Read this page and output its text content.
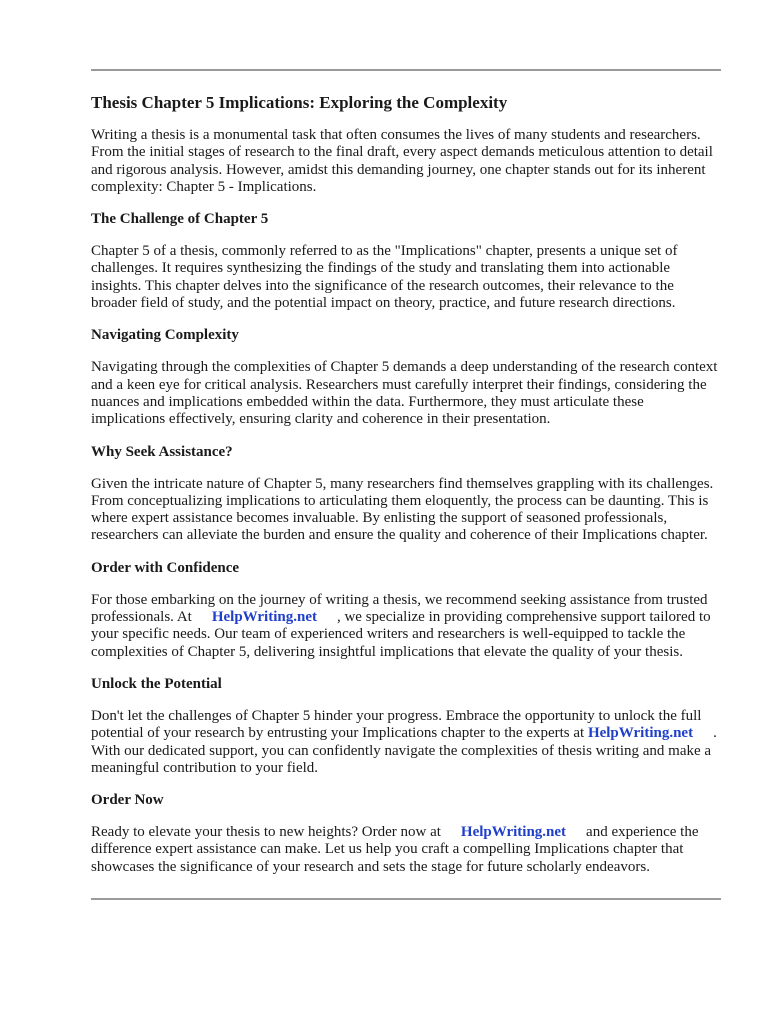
Thesis Chapter 5 Implications: Exploring the Complexity

Writing a thesis is a monumental task that often consumes the lives of many students and researchers. From the initial stages of research to the final draft, every aspect demands meticulous attention to detail and rigorous analysis. However, amidst this demanding journey, one chapter stands out for its inherent complexity: Chapter 5 - Implications.

The Challenge of Chapter 5

Chapter 5 of a thesis, commonly referred to as the "Implications" chapter, presents a unique set of challenges. It requires synthesizing the findings of the study and translating them into actionable insights. This chapter delves into the significance of the research outcomes, their relevance to the broader field of study, and the potential impact on theory, practice, and future research directions.

Navigating Complexity

Navigating through the complexities of Chapter 5 demands a deep understanding of the research context and a keen eye for critical analysis. Researchers must carefully interpret their findings, considering the nuances and implications embedded within the data. Furthermore, they must articulate these implications effectively, ensuring clarity and coherence in their presentation.

Why Seek Assistance?

Given the intricate nature of Chapter 5, many researchers find themselves grappling with its challenges. From conceptualizing implications to articulating them eloquently, the process can be daunting. This is where expert assistance becomes invaluable. By enlisting the support of seasoned professionals, researchers can alleviate the burden and ensure the quality and coherence of their Implications chapter.

Order with Confidence

For those embarking on the journey of writing a thesis, we recommend seeking assistance from trusted professionals. At HelpWriting.net , we specialize in providing comprehensive support tailored to your specific needs. Our team of experienced writers and researchers is well-equipped to tackle the complexities of Chapter 5, delivering insightful implications that elevate the quality of your thesis.

Unlock the Potential

Don't let the challenges of Chapter 5 hinder your progress. Embrace the opportunity to unlock the full potential of your research by entrusting your Implications chapter to the experts at HelpWriting.net . With our dedicated support, you can confidently navigate the complexities of thesis writing and make a meaningful contribution to your field.

Order Now

Ready to elevate your thesis to new heights? Order now at HelpWriting.net and experience the difference expert assistance can make. Let us help you craft a compelling Implications chapter that showcases the significance of your research and sets the stage for future scholarly endeavors.
